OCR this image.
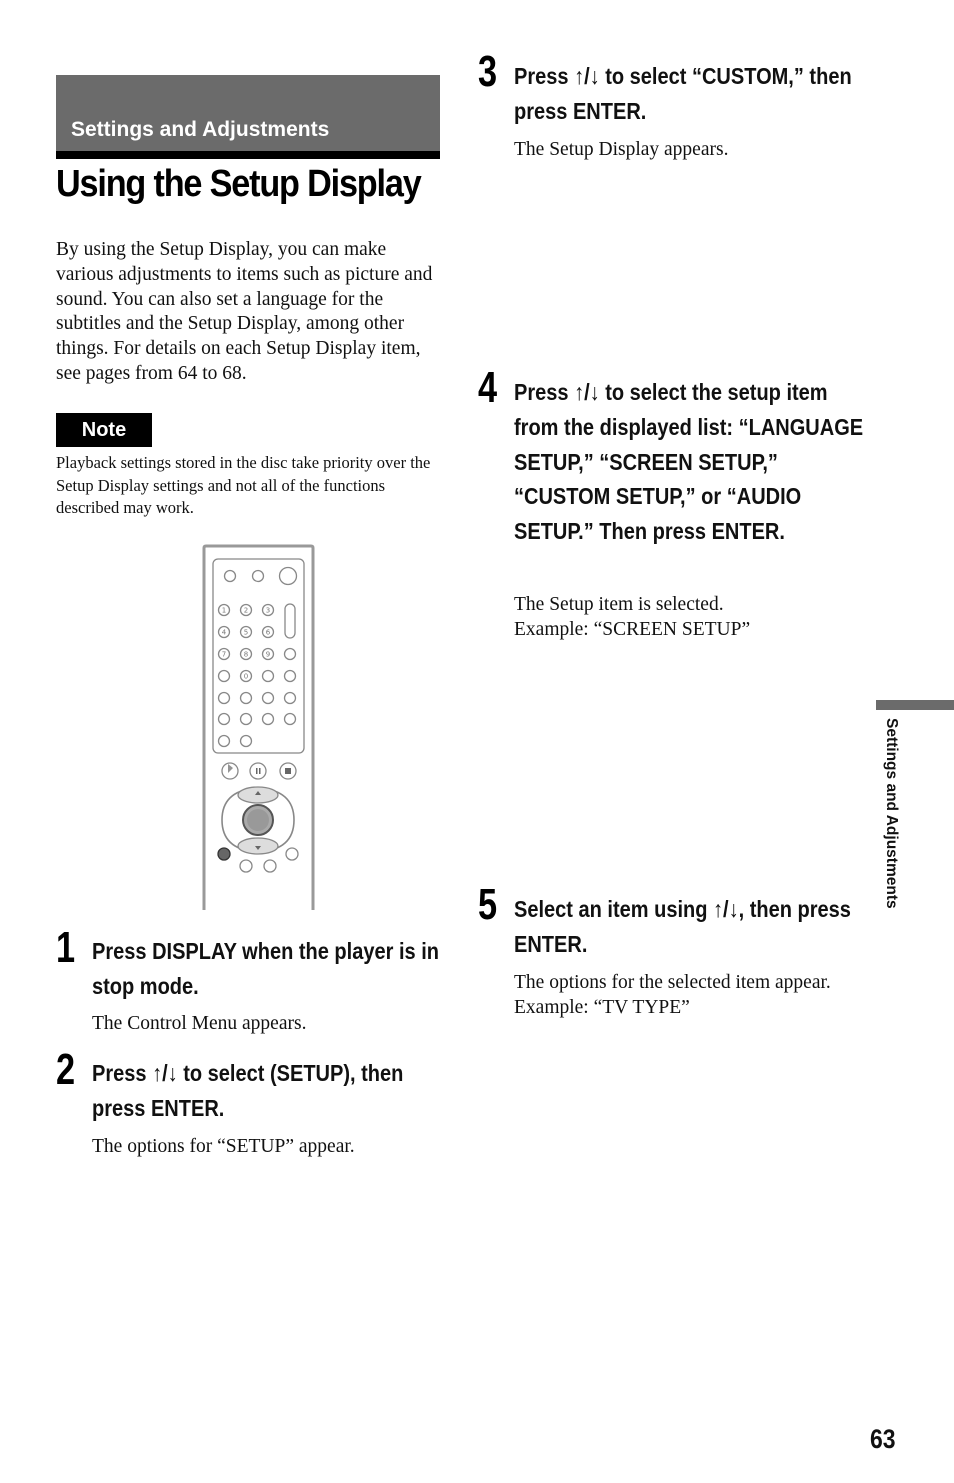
Settings and Adjustments
Using the Setup Display

By using the Setup Display, you can make various adjustments to items such as picture and sound. You can also set a language for the subtitles and the Setup Display, among other things. For details on each Setup Display item, see pages from 64 to 68.

Note

Playback settings stored in the disc take priority over the Setup Display settings and not all of the functions described may work.

1	2	3
4	5	6
7	8	9
0
1 Press DISPLAY when the player is in stop mode.

The Control Menu appears.

2 Press ↑/↓ to select (SETUP), then press ENTER.

The options for “SETUP” appear.

3 Press ↑/↓ to select “CUSTOM,” then press ENTER.

The Setup Display appears.

4 Press ↑/↓ to select the setup item from the displayed list: “LANGUAGE SETUP,” “SCREEN SETUP,” “CUSTOM SETUP,” or “AUDIO SETUP.” Then press ENTER.

The Setup item is selected.
Example: “SCREEN SETUP”

5 Select an item using ↑/↓, then press ENTER.

The options for the selected item appear.
Example: “TV TYPE”

Settings and Adjustments
63
